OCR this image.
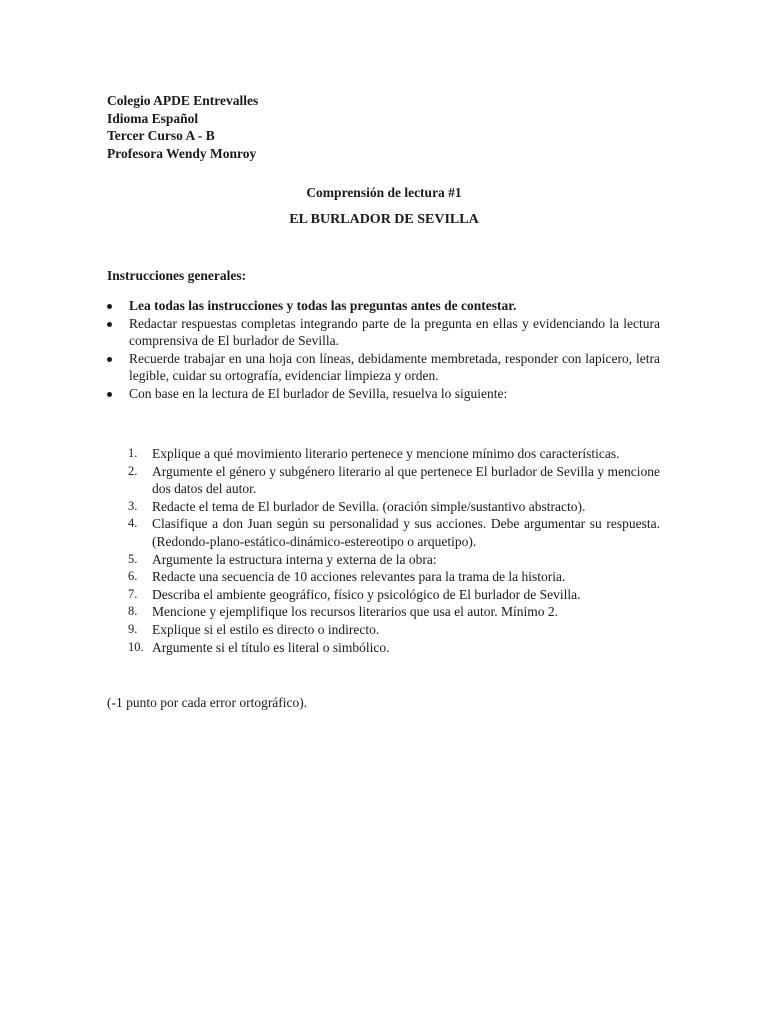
Colegio APDE Entrevalles
Idioma Español
Tercer Curso A - B
Profesora Wendy Monroy
Comprensión de lectura #1
EL BURLADOR DE SEVILLA
Instrucciones generales:
Lea todas las instrucciones y todas las preguntas antes de contestar.
Redactar respuestas completas integrando parte de la pregunta en ellas y evidenciando la lectura comprensiva de El burlador de Sevilla.
Recuerde trabajar en una hoja con líneas, debidamente membretada, responder con lapicero, letra legible, cuidar su ortografía, evidenciar limpieza y orden.
Con base en la lectura de El burlador de Sevilla, resuelva lo siguiente:
1. Explique a qué movimiento literario pertenece y mencione mínimo dos características.
2. Argumente el género y subgénero literario al que pertenece El burlador de Sevilla y mencione dos datos del autor.
3. Redacte el tema de El burlador de Sevilla. (oración simple/sustantivo abstracto).
4. Clasifique a don Juan según su personalidad y sus acciones. Debe argumentar su respuesta. (Redondo-plano-estático-dinámico-estereotipo o arquetipo).
5. Argumente la estructura interna y externa de la obra:
6. Redacte una secuencia de 10 acciones relevantes para la trama de la historia.
7. Describa el ambiente geográfico, físico y psicológico de El burlador de Sevilla.
8. Mencione y ejemplifique los recursos literarios que usa el autor. Mínimo 2.
9. Explique si el estilo es directo o indirecto.
10. Argumente si el título es literal o simbólico.
(-1 punto por cada error ortográfico).
